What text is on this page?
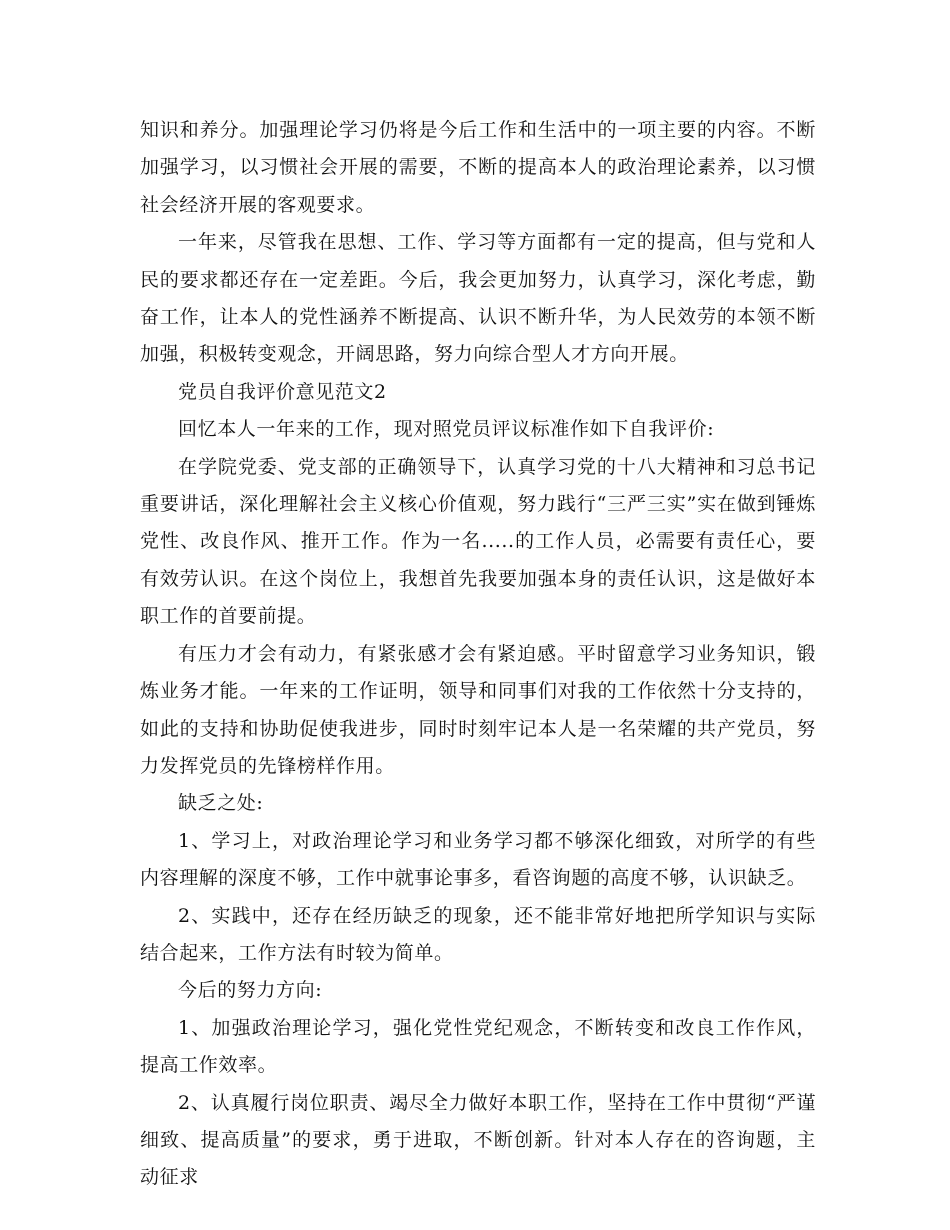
知识和养分。加强理论学习仍将是今后工作和生活中的一项主要的内容。不断加强学习，以习惯社会开展的需要，不断的提高本人的政治理论素养，以习惯社会经济开展的客观要求。

一年来，尽管我在思想、工作、学习等方面都有一定的提高，但与党和人民的要求都还存在一定差距。今后，我会更加努力，认真学习，深化考虑，勤奋工作，让本人的党性涵养不断提高、认识不断升华，为人民效劳的本领不断加强，积极转变观念，开阔思路，努力向综合型人才方向开展。

党员自我评价意见范文2

回忆本人一年来的工作，现对照党员评议标准作如下自我评价:

在学院党委、党支部的正确领导下，认真学习党的十八大精神和习总书记重要讲话，深化理解社会主义核心价值观，努力践行“三严三实”实在做到锤炼党性、改良作风、推开工作。作为一名.....的工作人员，必需要有责任心，要有效劳认识。在这个岗位上，我想首先我要加强本身的责任认识，这是做好本职工作的首要前提。

有压力才会有动力，有紧张感才会有紧迫感。平时留意学习业务知识，锻炼业务才能。一年来的工作证明，领导和同事们对我的工作依然十分支持的，如此的支持和协助促使我进步，同时时刻牢记本人是一名荣耀的共产党员，努力发挥党员的先锋榜样作用。

缺乏之处:

1、学习上，对政治理论学习和业务学习都不够深化细致，对所学的有些内容理解的深度不够，工作中就事论事多，看咨询题的高度不够，认识缺乏。

2、实践中，还存在经历缺乏的现象，还不能非常好地把所学知识与实际结合起来，工作方法有时较为简单。

今后的努力方向:

1、加强政治理论学习，强化党性党纪观念，不断转变和改良工作作风，提高工作效率。

2、认真履行岗位职责、竭尽全力做好本职工作，坚持在工作中贯彻“严谨细致、提高质量”的要求，勇于进取，不断创新。针对本人存在的咨询题，主动征求
